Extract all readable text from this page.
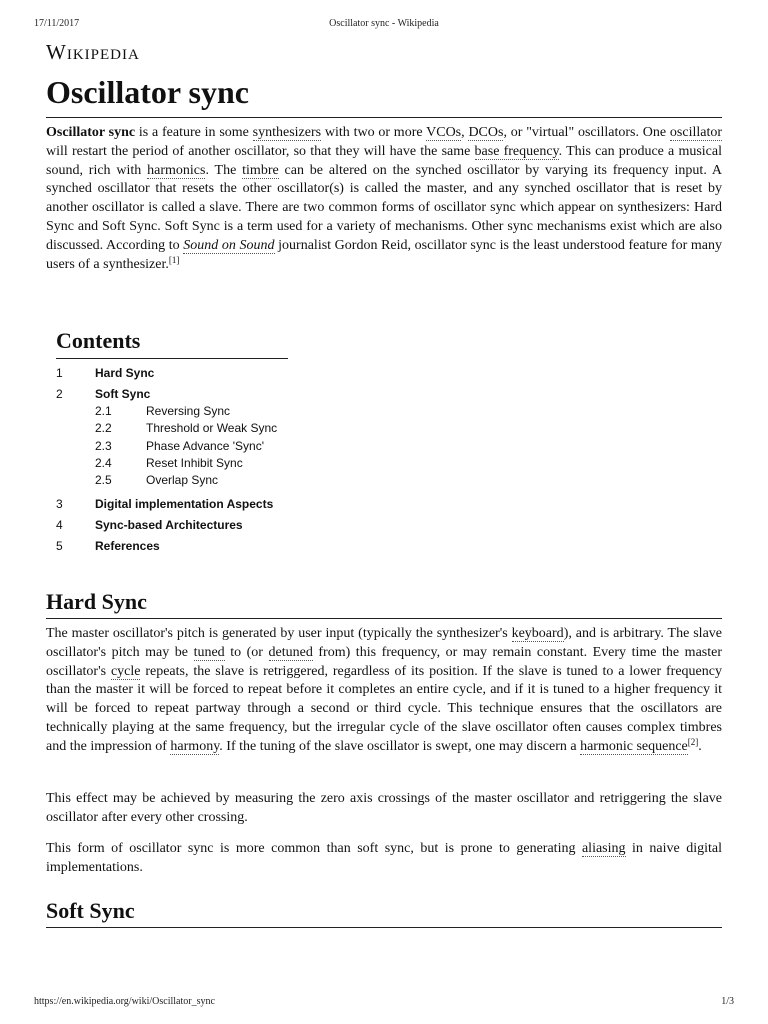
17/11/2017	Oscillator sync - Wikipedia
Wikipedia
Oscillator sync

Oscillator sync is a feature in some synthesizers with two or more VCOs, DCOs, or "virtual" oscillators. One oscillator will restart the period of another oscillator, so that they will have the same base frequency. This can produce a musical sound, rich with harmonics. The timbre can be altered on the synched oscillator by varying its frequency input. A synched oscillator that resets the other oscillator(s) is called the master, and any synched oscillator that is reset by another oscillator is called a slave. There are two common forms of oscillator sync which appear on synthesizers: Hard Sync and Soft Sync. Soft Sync is a term used for a variety of mechanisms. Other sync mechanisms exist which are also discussed. According to Sound on Sound journalist Gordon Reid, oscillator sync is the least understood feature for many users of a synthesizer.[1]

Contents
1	Hard Sync
2	Soft Sync
2.1	Reversing Sync
2.2	Threshold or Weak Sync
2.3	Phase Advance 'Sync'
2.4	Reset Inhibit Sync
2.5	Overlap Sync
3	Digital implementation Aspects
4	Sync-based Architectures
5	References
Hard Sync

The master oscillator's pitch is generated by user input (typically the synthesizer's keyboard), and is arbitrary. The slave oscillator's pitch may be tuned to (or detuned from) this frequency, or may remain constant. Every time the master oscillator's cycle repeats, the slave is retriggered, regardless of its position. If the slave is tuned to a lower frequency than the master it will be forced to repeat before it completes an entire cycle, and if it is tuned to a higher frequency it will be forced to repeat partway through a second or third cycle. This technique ensures that the oscillators are technically playing at the same frequency, but the irregular cycle of the slave oscillator often causes complex timbres and the impression of harmony. If the tuning of the slave oscillator is swept, one may discern a harmonic sequence[2].

This effect may be achieved by measuring the zero axis crossings of the master oscillator and retriggering the slave oscillator after every other crossing.

This form of oscillator sync is more common than soft sync, but is prone to generating aliasing in naive digital implementations.

Soft Sync
https://en.wikipedia.org/wiki/Oscillator_sync	1/3
